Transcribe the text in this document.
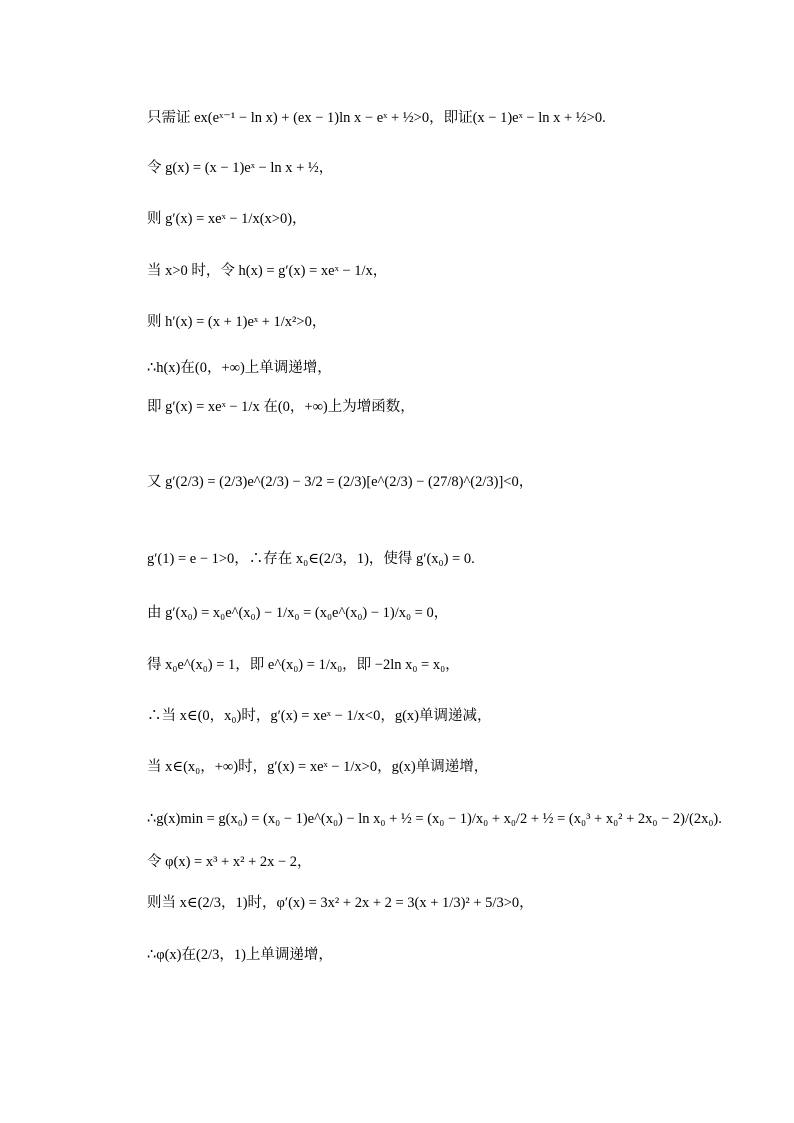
只需证 ex(eˣ⁻¹ − ln x) + (ex − 1)ln x − eˣ + ½>0，即证(x − 1)eˣ − ln x + ½>0.
令 g(x) = (x − 1)eˣ − ln x + ½，
则 g′(x) = xeˣ − 1/x(x>0)，
当 x>0 时，令 h(x) = g′(x) = xeˣ − 1/x，
则 h′(x) = (x + 1)eˣ + 1/x²>0，
∴h(x)在(0，+∞)上单调递增，
即 g′(x) = xeˣ − 1/x 在(0，+∞)上为增函数，
又 g′(2/3) = (2/3)e^(2/3) − 3/2 = (2/3)[e^(2/3) − (27/8)^(2/3)]<0，
g′(1) = e − 1>0，∴存在 x₀∈(2/3，1)，使得 g′(x₀) = 0.
由 g′(x₀) = x₀e^(x₀) − 1/x₀ = (x₀e^(x₀) − 1)/x₀ = 0，
得 x₀e^(x₀) = 1，即 e^(x₀) = 1/x₀，即 −2ln x₀ = x₀，
∴当 x∈(0，x₀)时，g′(x) = xeˣ − 1/x<0，g(x)单调递减，
当 x∈(x₀，+∞)时，g′(x) = xeˣ − 1/x>0，g(x)单调递增，
∴g(x)min = g(x₀) = (x₀ − 1)e^(x₀) − ln x₀ + ½ = (x₀ − 1)/x₀ + x₀/2 + ½ = (x₀³ + x₀² + 2x₀ − 2)/(2x₀).
令 φ(x) = x³ + x² + 2x − 2，
则当 x∈(2/3，1)时，φ′(x) = 3x² + 2x + 2 = 3(x + 1/3)² + 5/3>0，
∴φ(x)在(2/3，1)上单调递增，
